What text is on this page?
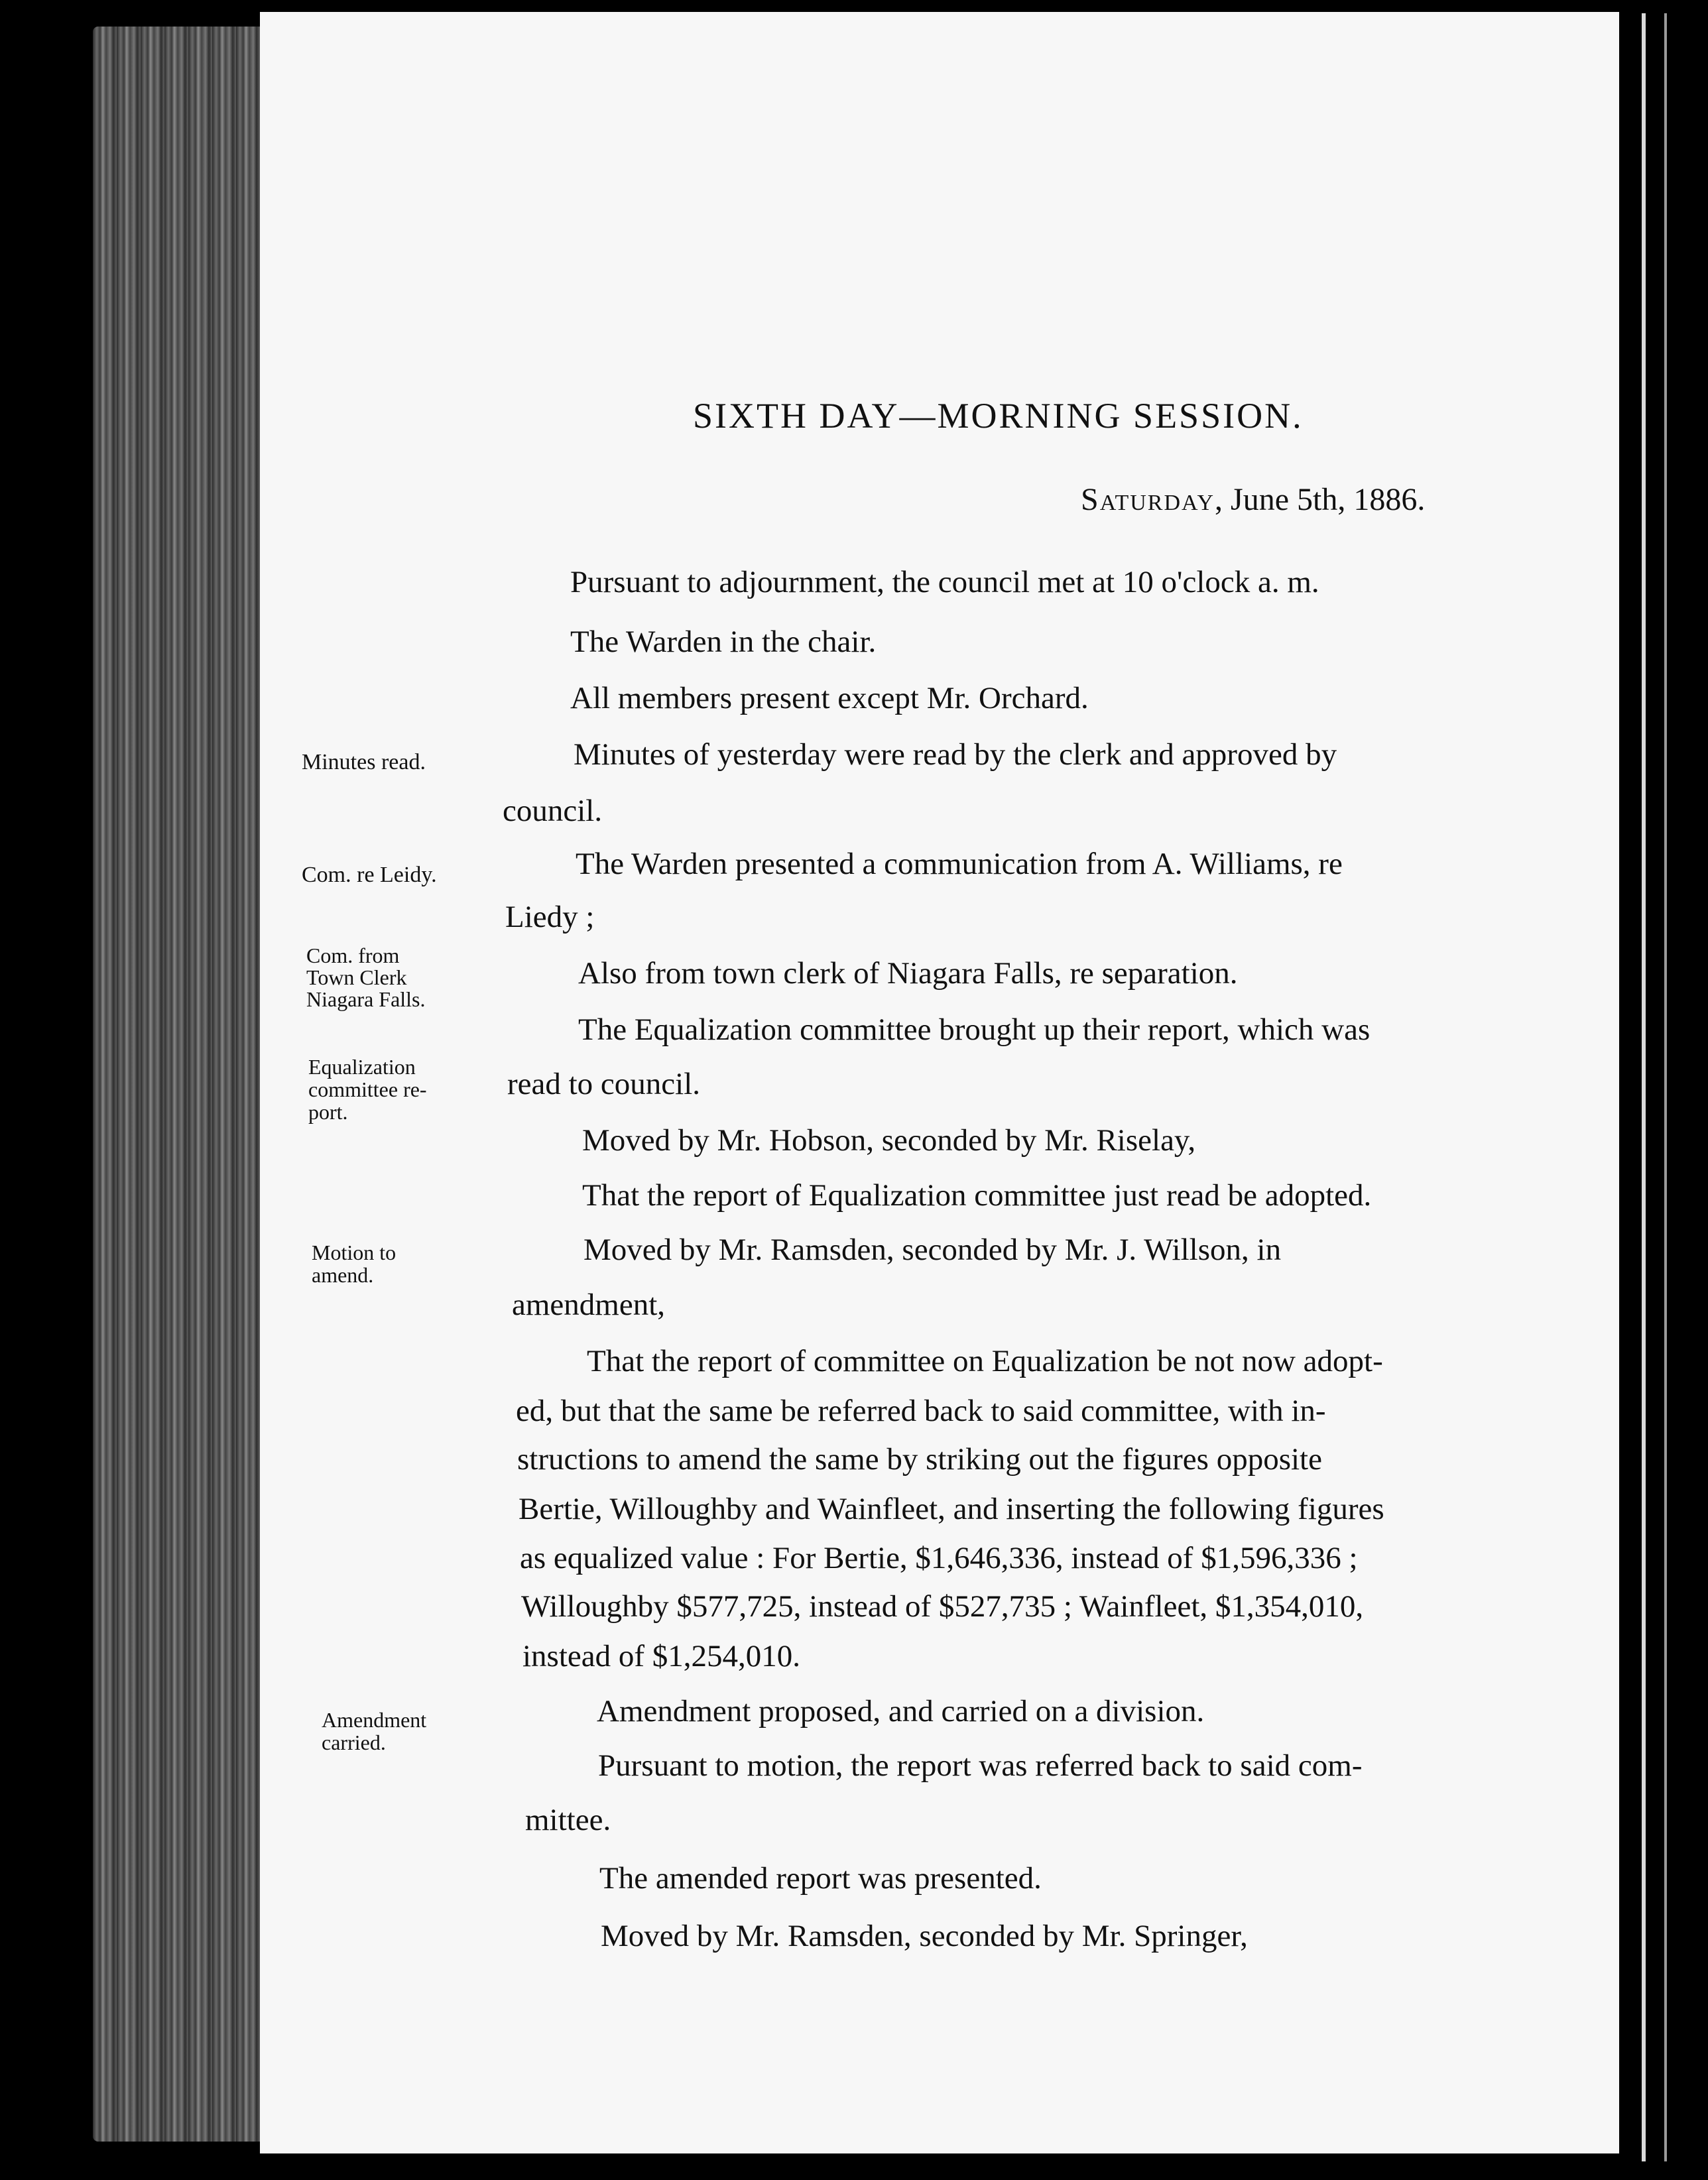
SIXTH DAY—MORNING SESSION.
Saturday, June 5th, 1886.
Pursuant to adjournment, the council met at 10 o'clock a. m.
The Warden in the chair.
All members present except Mr. Orchard.
Minutes of yesterday were read by the clerk and approved by
council.
The Warden presented a communication from A. Williams, re
Liedy ;
Also from town clerk of Niagara Falls, re separation.
The Equalization committee brought up their report, which was
read to council.
Moved by Mr. Hobson, seconded by Mr. Riselay,
That the report of Equalization committee just read be adopted.
Moved by Mr. Ramsden, seconded by Mr. J. Willson, in
amendment,
That the report of committee on Equalization be not now adopt-
ed, but that the same be referred back to said committee, with in-
structions to amend the same by striking out the figures opposite
Bertie, Willoughby and Wainfleet, and inserting the following figures
as equalized value : For Bertie, $1,646,336, instead of $1,596,336 ;
Willoughby $577,725, instead of $527,735 ; Wainfleet, $1,354,010,
instead of $1,254,010.
Amendment proposed, and carried on a division.
Pursuant to motion, the report was referred back to said com-
mittee.
The amended report was presented.
Moved by Mr. Ramsden, seconded by Mr. Springer,
Minutes read.
Com. re Leidy.
Com. from
Town Clerk
Niagara Falls.
Equalization
committee re-
port.
Motion to
amend.
Amendment
carried.
